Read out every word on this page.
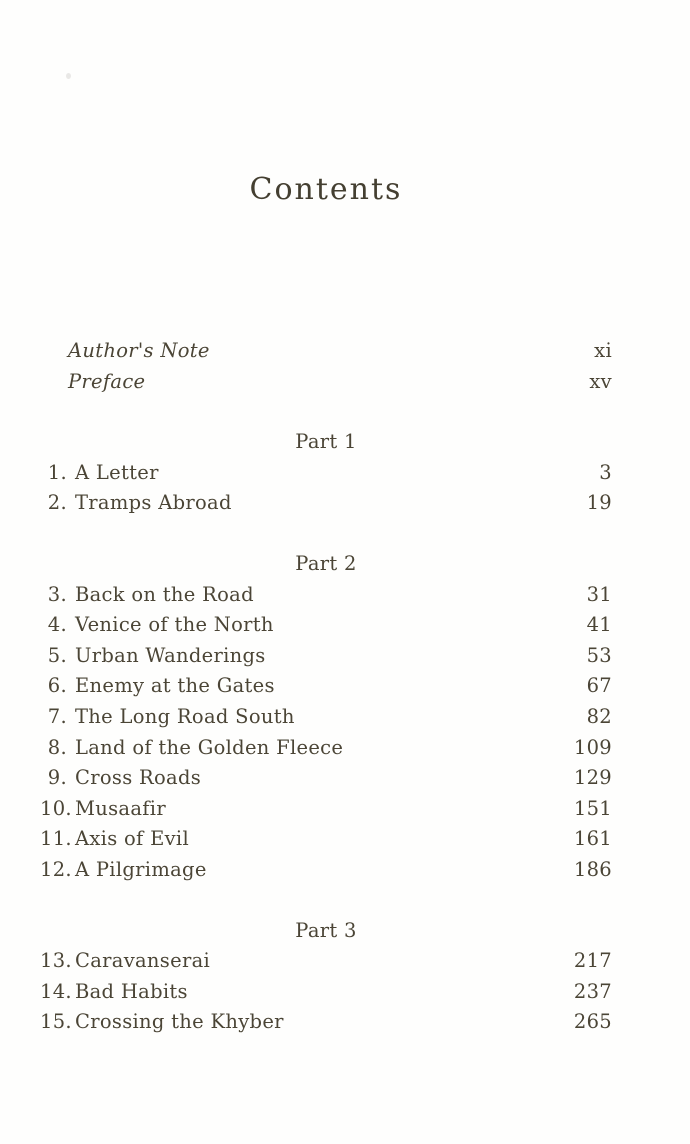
Contents
Author's Note	xi
Preface	xv
Part 1
1. A Letter	3
2. Tramps Abroad	19
Part 2
3. Back on the Road	31
4. Venice of the North	41
5. Urban Wanderings	53
6. Enemy at the Gates	67
7. The Long Road South	82
8. Land of the Golden Fleece	109
9. Cross Roads	129
10. Musaafir	151
11. Axis of Evil	161
12. A Pilgrimage	186
Part 3
13. Caravanserai	217
14. Bad Habits	237
15. Crossing the Khyber	265
